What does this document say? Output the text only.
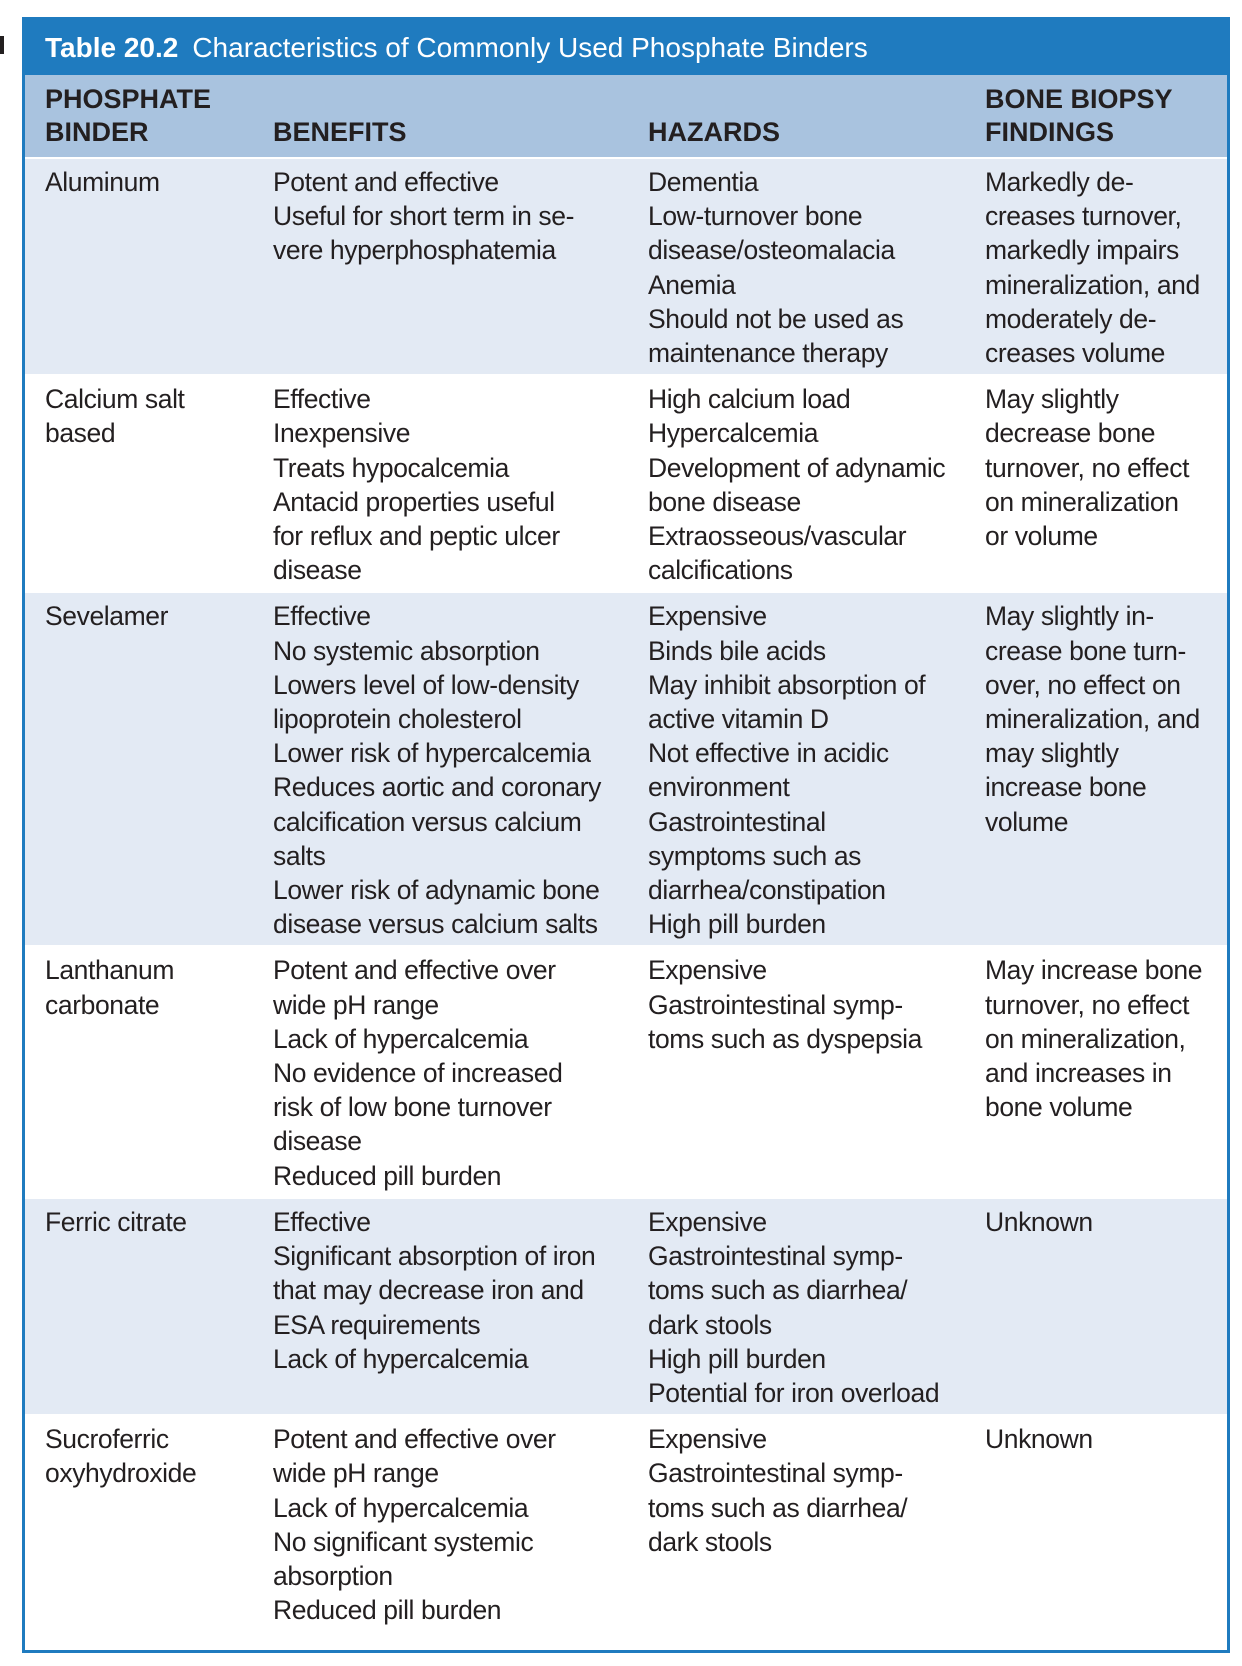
Table 20.2 Characteristics of Commonly Used Phosphate Binders
PHOSPHATE
BINDER	BENEFITS	HAZARDS

BONE BIOPSY
FINDINGS

Aluminum	Potent and effective
Useful for short term in se-
vere hyperphosphatemia

Dementia
Low-turnover bone
disease/osteomalacia
Anemia
Should not be used as
maintenance therapy

Markedly de-
creases turnover,
markedly impairs
mineralization, and
moderately de-
creases volume

Calcium salt
based

Effective
Inexpensive
Treats hypocalcemia
Antacid properties useful
for reflux and peptic ulcer
disease

High calcium load
Hypercalcemia
Development of adynamic
bone disease
Extraosseous/vascular
calcifications

May slightly
decrease bone
turnover, no effect
on mineralization
or volume

Sevelamer	Effective
No systemic absorption
Lowers level of low-density
lipoprotein cholesterol
Lower risk of hypercalcemia
Reduces aortic and coronary
calcification versus calcium
salts
Lower risk of adynamic bone
disease versus calcium salts

Expensive
Binds bile acids
May inhibit absorption of
active vitamin D
Not effective in acidic
environment
Gastrointestinal
symptoms such as
diarrhea/constipation
High pill burden

May slightly in-
crease bone turn-
over, no effect on
mineralization, and
may slightly
increase bone
volume

Lanthanum
carbonate

Potent and effective over
wide pH range
Lack of hypercalcemia
No evidence of increased
risk of low bone turnover
disease
Reduced pill burden

Expensive
Gastrointestinal symp-
toms such as dyspepsia

May increase bone
turnover, no effect
on mineralization,
and increases in
bone volume

Ferric citrate	Effective
Significant absorption of iron
that may decrease iron and
ESA requirements
Lack of hypercalcemia

Expensive
Gastrointestinal symp-
toms such as diarrhea/
dark stools
High pill burden
Potential for iron overload

Unknown

Sucroferric
oxyhydroxide

Potent and effective over
wide pH range
Lack of hypercalcemia
No significant systemic
absorption
Reduced pill burden

Expensive
Gastrointestinal symp-
toms such as diarrhea/
dark stools

Unknown
